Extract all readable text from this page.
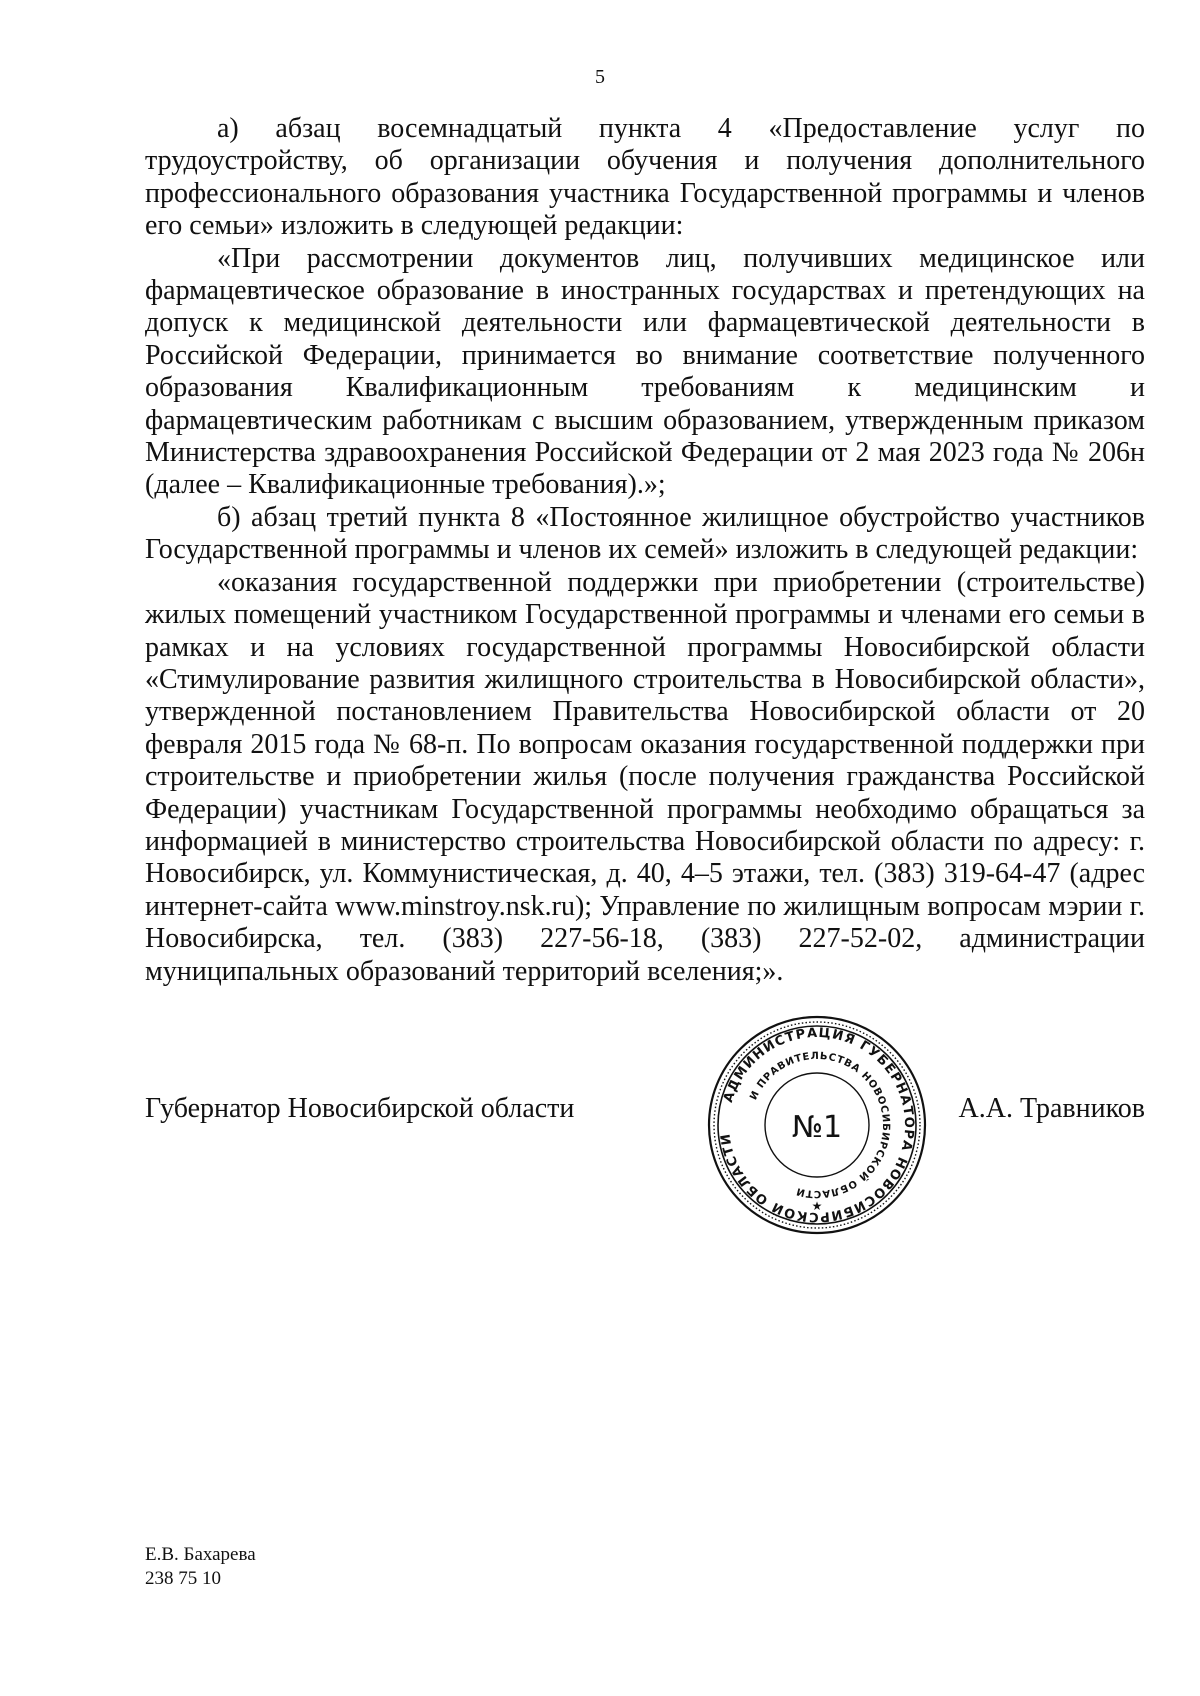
5

а) абзац восемнадцатый пункта 4 «Предоставление услуг по трудоустройству, об организации обучения и получения дополнительного профессионального образования участника Государственной программы и членов его семьи» изложить в следующей редакции:

«При рассмотрении документов лиц, получивших медицинское или фармацевтическое образование в иностранных государствах и претендующих на допуск к медицинской деятельности или фармацевтической деятельности в Российской Федерации, принимается во внимание соответствие полученного образования Квалификационным требованиям к медицинским и фармацевтическим работникам с высшим образованием, утвержденным приказом Министерства здравоохранения Российской Федерации от 2 мая 2023 года № 206н (далее – Квалификационные требования).»;

б) абзац третий пункта 8 «Постоянное жилищное обустройство участников Государственной программы и членов их семей» изложить в следующей редакции:

«оказания государственной поддержки при приобретении (строительстве) жилых помещений участником Государственной программы и членами его семьи в рамках и на условиях государственной программы Новосибирской области «Стимулирование развития жилищного строительства в Новосибирской области», утвержденной постановлением Правительства Новосибирской области от 20 февраля 2015 года № 68-п. По вопросам оказания государственной поддержки при строительстве и приобретении жилья (после получения гражданства Российской Федерации) участникам Государственной программы необходимо обращаться за информацией в министерство строительства Новосибирской области по адресу: г. Новосибирск, ул. Коммунистическая, д. 40, 4–5 этажи, тел. (383) 319-64-47 (адрес интернет-сайта www.minstroy.nsk.ru); Управление по жилищным вопросам мэрии г. Новосибирска, тел. (383) 227-56-18, (383) 227-52-02, администрации муниципальных образований территорий вселения;».

Губернатор Новосибирской области	А.А. Травников
АДМИНИСТРАЦИЯ ГУБЕРНАТОРА НОВОСИБИРСКОЙ ОБЛАСТИ
И ПРАВИТЕЛЬСТВА НОВОСИБИРСКОЙ ОБЛАСТИ
№1
★
Е.В. Бахарева
238 75 10
